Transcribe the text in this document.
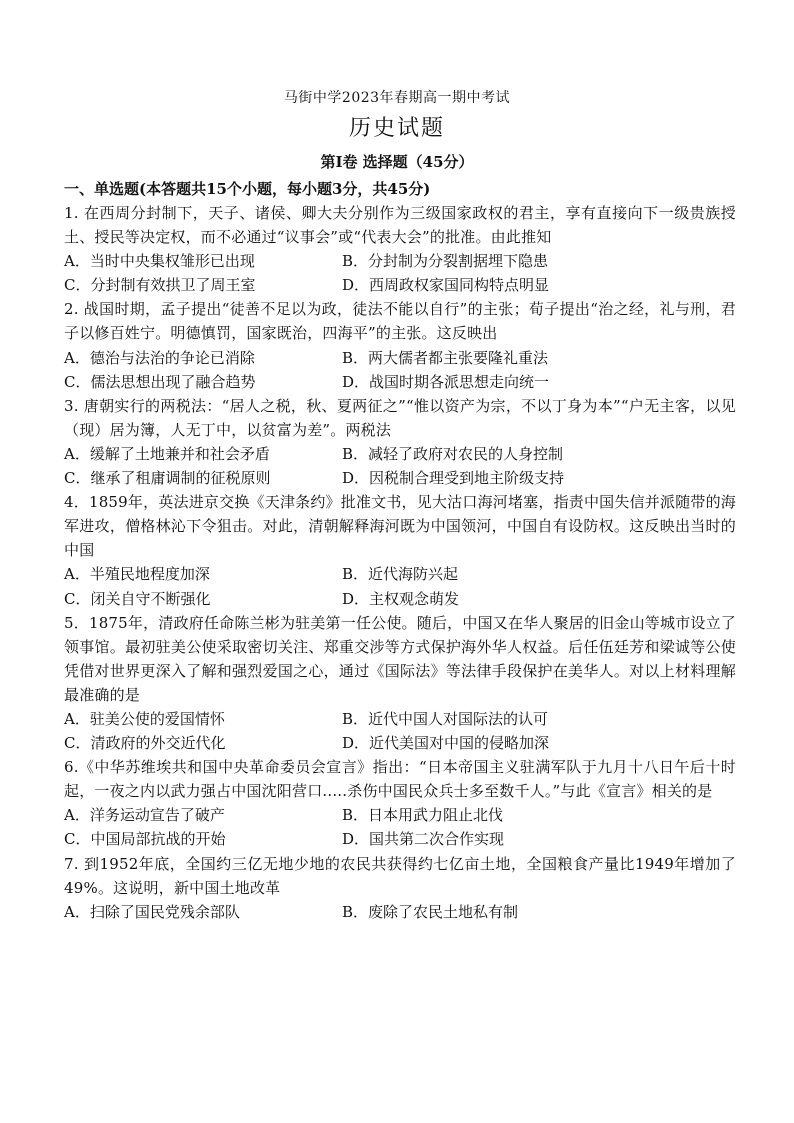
马街中学2023年春期高一期中考试
历史试题
第Ⅰ卷 选择题（45分）
一、单选题(本答题共15个小题，每小题3分，共45分)

1. 在西周分封制下，天子、诸侯、卿大夫分别作为三级国家政权的君主，享有直接向下一级贵族授土、授民等决定权，而不必通过“议事会”或“代表大会”的批准。由此推知

A．当时中央集权雏形已出现	B．分封制为分裂割据埋下隐患
C．分封制有效拱卫了周王室	D．西周政权家国同构特点明显

2. 战国时期，孟子提出“徒善不足以为政，徒法不能以自行”的主张；荀子提出“治之经，礼与刑，君子以修百姓宁。明德慎罚，国家既治，四海平”的主张。这反映出

A．德治与法治的争论已消除	B．两大儒者都主张要隆礼重法
C．儒法思想出现了融合趋势	D．战国时期各派思想走向统一

3. 唐朝实行的两税法：“居人之税，秋、夏两征之”“惟以资产为宗，不以丁身为本”“户无主客，以见（现）居为簿，人无丁中，以贫富为差”。两税法

A．缓解了土地兼并和社会矛盾	B．减轻了政府对农民的人身控制
C．继承了租庸调制的征税原则	D．因税制合理受到地主阶级支持

4．1859年，英法进京交换《天津条约》批准文书，见大沽口海河堵塞，指责中国失信并派随带的海军进攻，僧格林沁下令狙击。对此，清朝解释海河既为中国领河，中国自有设防权。这反映出当时的中国

A．半殖民地程度加深	B．近代海防兴起
C．闭关自守不断强化	D．主权观念萌发

5．1875年，清政府任命陈兰彬为驻美第一任公使。随后，中国又在华人聚居的旧金山等城市设立了领事馆。最初驻美公使采取密切关注、郑重交涉等方式保护海外华人权益。后任伍廷芳和梁诚等公使凭借对世界更深入了解和强烈爱国之心，通过《国际法》等法律手段保护在美华人。对以上材料理解最准确的是

A．驻美公使的爱国情怀	B．近代中国人对国际法的认可
C．清政府的外交近代化	D．近代美国对中国的侵略加深

6.《中华苏维埃共和国中央革命委员会宣言》指出：“日本帝国主义驻满军队于九月十八日午后十时起，一夜之内以武力强占中国沈阳营口.....杀伤中国民众兵士多至数千人。”与此《宣言》相关的是

A．洋务运动宣告了破产	B．日本用武力阻止北伐
C．中国局部抗战的开始	D．国共第二次合作实现

7. 到1952年底，全国约三亿无地少地的农民共获得约七亿亩土地，全国粮食产量比1949年增加了49%。这说明，新中国土地改革

A．扫除了国民党残余部队	B．废除了农民土地私有制
